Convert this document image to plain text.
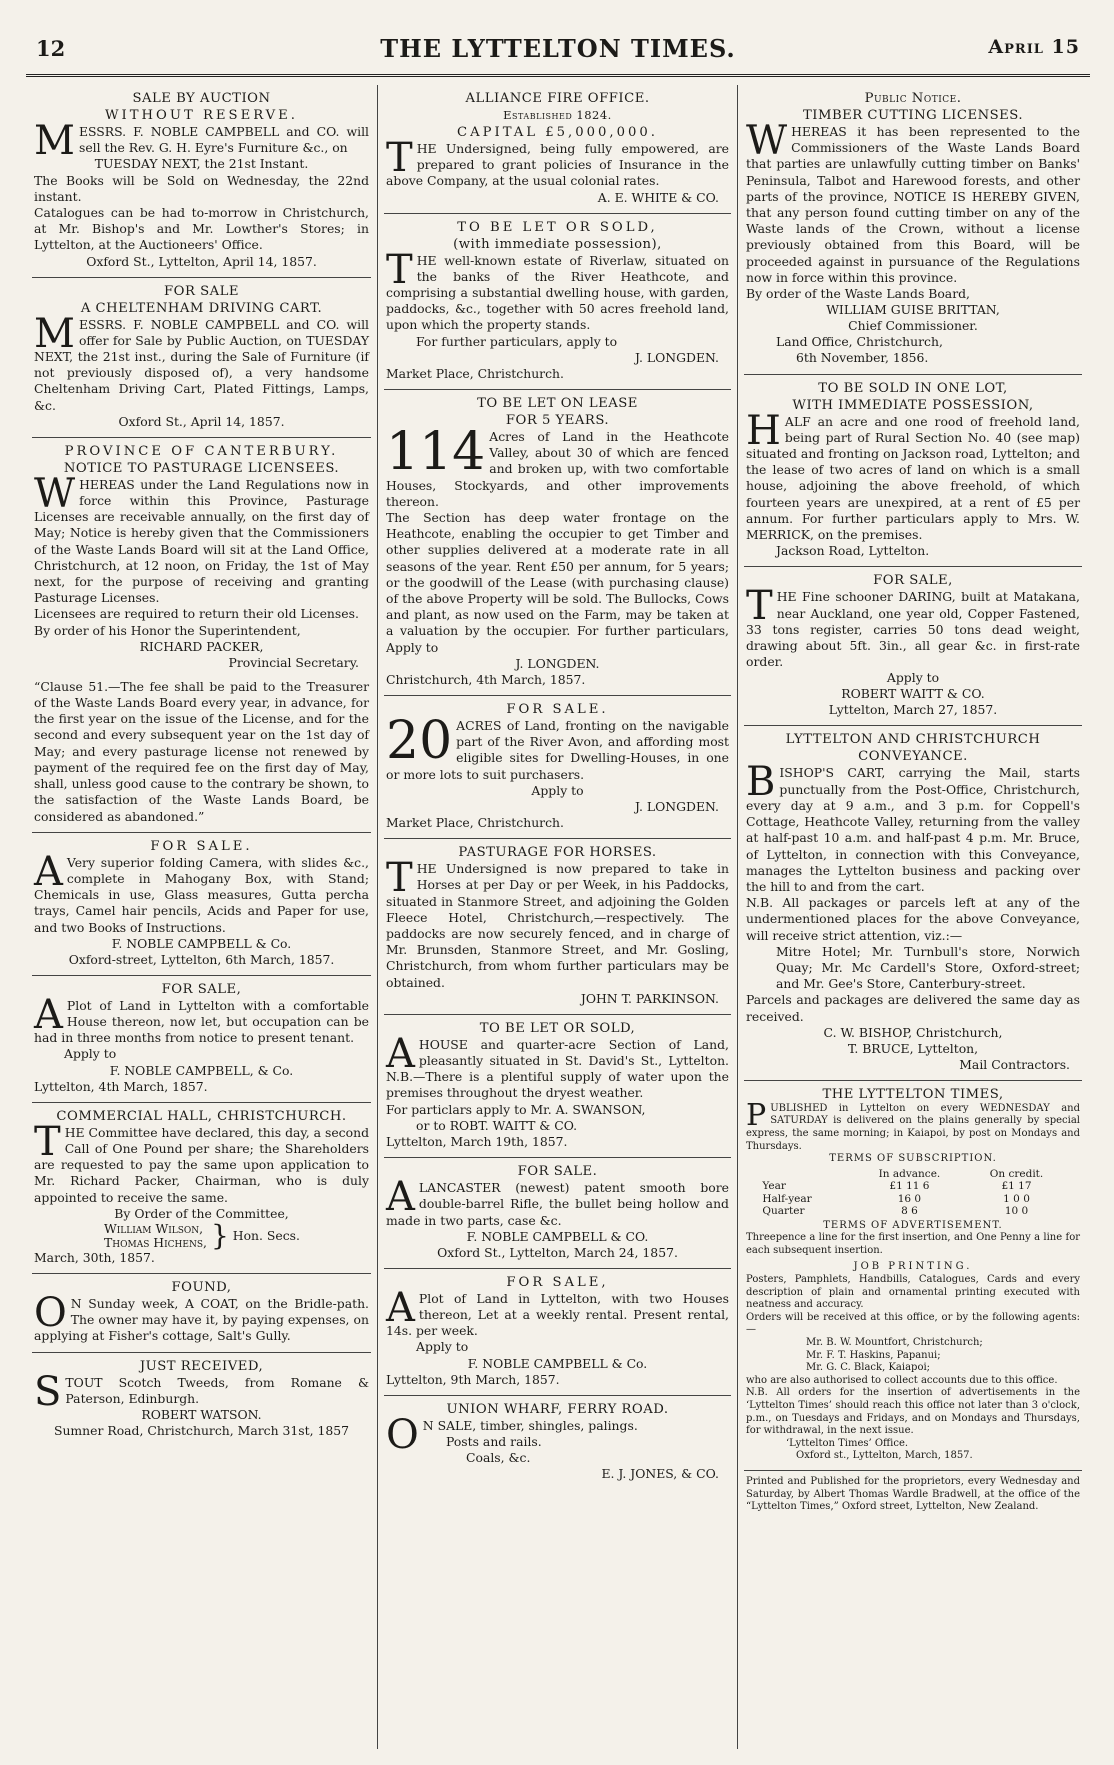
12	THE LYTTELTON TIMES.	April 15
SALE BY AUCTION
WITHOUT RESERVE.
MESSRS. F. NOBLE CAMPBELL and CO. will sell the Rev. G. H. Eyre's Furniture &c., on
TUESDAY NEXT, the 21st Instant.
The Books will be Sold on Wednesday, the 22nd instant.
Catalogues can be had to-morrow in Christchurch, at Mr. Bishop's and Mr. Lowther's Stores; in Lyttelton, at the Auctioneers' Office.
Oxford St., Lyttelton, April 14, 1857.
FOR SALE
A CHELTENHAM DRIVING CART.
MESSRS. F. NOBLE CAMPBELL and CO. will offer for Sale by Public Auction, on TUESDAY NEXT, the 21st inst., during the Sale of Furniture (if not previously disposed of), a very handsome Cheltenham Driving Cart, Plated Fittings, Lamps, &c.
Oxford St., April 14, 1857.
PROVINCE OF CANTERBURY.
NOTICE TO PASTURAGE LICENSEES.
WHEREAS under the Land Regulations now in force within this Province, Pasturage Licenses are receivable annually, on the first day of May; Notice is hereby given that the Commissioners of the Waste Lands Board will sit at the Land Office, Christchurch, at 12 noon, on Friday, the 1st of May next, for the purpose of receiving and granting Pasturage Licenses.
Licensees are required to return their old Licenses.
By order of his Honor the Superintendent,
RICHARD PACKER,
Provincial Secretary.
“Clause 51.—The fee shall be paid to the Treasurer of the Waste Lands Board every year, in advance, for the first year on the issue of the License, and for the second and every subsequent year on the 1st day of May; and every pasturage license not renewed by payment of the required fee on the first day of May, shall, unless good cause to the contrary be shown, to the satisfaction of the Waste Lands Board, be considered as abandoned.”
FOR SALE.
A Very superior folding Camera, with slides &c., complete in Mahogany Box, with Stand; Chemicals in use, Glass measures, Gutta percha trays, Camel hair pencils, Acids and Paper for use, and two Books of Instructions.
F. NOBLE CAMPBELL & Co.
Oxford-street, Lyttelton, 6th March, 1857.
FOR SALE,
A Plot of Land in Lyttelton with a comfortable House thereon, now let, but occupation can be had in three months from notice to present tenant.
Apply to
F. NOBLE CAMPBELL, & Co.
Lyttelton, 4th March, 1857.
COMMERCIAL HALL, CHRISTCHURCH.
THE Committee have declared, this day, a second Call of One Pound per share; the Shareholders are requested to pay the same upon application to Mr. Richard Packer, Chairman, who is duly appointed to receive the same.
By Order of the Committee,
William Wilson,
Thomas Hichens, } Hon. Secs.
March, 30th, 1857.
FOUND,
O N Sunday week, A COAT, on the Bridle-path. The owner may have it, by paying expenses, on applying at Fisher's cottage, Salt's Gully.
JUST RECEIVED,
STOUT Scotch Tweeds, from Romane & Paterson, Edinburgh.
ROBERT WATSON.
Sumner Road, Christchurch, March 31st, 1857
ALLIANCE FIRE OFFICE.
Established 1824.
CAPITAL £5,000,000.
THE Undersigned, being fully empowered, are prepared to grant policies of Insurance in the above Company, at the usual colonial rates.
A. E. WHITE & CO.
TO BE LET OR SOLD,
(with immediate possession),
THE well-known estate of Riverlaw, situated on the banks of the River Heathcote, and comprising a substantial dwelling house, with garden, paddocks, &c., together with 50 acres freehold land, upon which the property stands.
For further particulars, apply to
J. LONGDEN.
Market Place, Christchurch.
TO BE LET ON LEASE
FOR 5 YEARS.
114 Acres of Land in the Heathcote Valley, about 30 of which are fenced and broken up, with two comfortable Houses, Stockyards, and other improvements thereon.
The Section has deep water frontage on the Heathcote, enabling the occupier to get Timber and other supplies delivered at a moderate rate in all seasons of the year. Rent £50 per annum, for 5 years; or the goodwill of the Lease (with purchasing clause) of the above Property will be sold. The Bullocks, Cows and plant, as now used on the Farm, may be taken at a valuation by the occupier. For further particulars, Apply to
J. LONGDEN.
Christchurch, 4th March, 1857.
FOR SALE.
20 ACRES of Land, fronting on the navigable part of the River Avon, and affording most eligible sites for Dwelling-Houses, in one or more lots to suit purchasers.
Apply to
J. LONGDEN.
Market Place, Christchurch.
PASTURAGE FOR HORSES.
THE Undersigned is now prepared to take in Horses at per Day or per Week, in his Paddocks, situated in Stanmore Street, and adjoining the Golden Fleece Hotel, Christchurch,—respectively. The paddocks are now securely fenced, and in charge of Mr. Brunsden, Stanmore Street, and Mr. Gosling, Christchurch, from whom further particulars may be obtained.
JOHN T. PARKINSON.
TO BE LET OR SOLD,
AHOUSE and quarter-acre Section of Land, pleasantly situated in St. David's St., Lyttelton. N.B.—There is a plentiful supply of water upon the premises throughout the dryest weather.
For particlars apply to Mr. A. SWANSON,
or to ROBT. WAITT & CO.
Lyttelton, March 19th, 1857.
FOR SALE.
ALANCASTER (newest) patent smooth bore double-barrel Rifle, the bullet being hollow and made in two parts, case &c.
F. NOBLE CAMPBELL & CO.
Oxford St., Lyttelton, March 24, 1857.
FOR SALE,
A Plot of Land in Lyttelton, with two Houses thereon, Let at a weekly rental. Present rental, 14s. per week.
Apply to
F. NOBLE CAMPBELL & Co.
Lyttelton, 9th March, 1857.
UNION WHARF, FERRY ROAD.
O N SALE, timber, shingles, palings.
Posts and rails.
Coals, &c.
E. J. JONES, & CO.
Public Notice.
TIMBER CUTTING LICENSES.
WHEREAS it has been represented to the Commissioners of the Waste Lands Board that parties are unlawfully cutting timber on Banks' Peninsula, Talbot and Harewood forests, and other parts of the province, NOTICE IS HEREBY GIVEN, that any person found cutting timber on any of the Waste lands of the Crown, without a license previously obtained from this Board, will be proceeded against in pursuance of the Regulations now in force within this province.
By order of the Waste Lands Board,
WILLIAM GUISE BRITTAN,
Chief Commissioner.
Land Office, Christchurch,
6th November, 1856.
TO BE SOLD IN ONE LOT,
WITH IMMEDIATE POSSESSION,
HALF an acre and one rood of freehold land, being part of Rural Section No. 40 (see map) situated and fronting on Jackson road, Lyttelton; and the lease of two acres of land on which is a small house, adjoining the above freehold, of which fourteen years are unexpired, at a rent of £5 per annum. For further particulars apply to Mrs. W. MERRICK, on the premises.
Jackson Road, Lyttelton.
FOR SALE,
THE Fine schooner DARING, built at Matakana, near Auckland, one year old, Copper Fastened, 33 tons register, carries 50 tons dead weight, drawing about 5ft. 3in., all gear &c. in first-rate order.
Apply to
ROBERT WAITT & CO.
Lyttelton, March 27, 1857.
LYTTELTON AND CHRISTCHURCH
CONVEYANCE.
BISHOP'S CART, carrying the Mail, starts punctually from the Post-Office, Christchurch, every day at 9 a.m., and 3 p.m. for Coppell's Cottage, Heathcote Valley, returning from the valley at half-past 10 a.m. and half-past 4 p.m. Mr. Bruce, of Lyttelton, in connection with this Conveyance, manages the Lyttelton business and packing over the hill to and from the cart.
N.B. All packages or parcels left at any of the undermentioned places for the above Conveyance, will receive strict attention, viz.:—
Mitre Hotel; Mr. Turnbull's store, Norwich Quay; Mr. Mc Cardell's Store, Oxford-street; and Mr. Gee's Store, Canterbury-street.
Parcels and packages are delivered the same day as received.
C. W. BISHOP, Christchurch,
T. BRUCE, Lyttelton,
Mail Contractors.
THE LYTTELTON TIMES,
PUBLISHED in Lyttelton on every WEDNESDAY and SATURDAY is delivered on the plains generally by special express, the same morning; in Kaiapoi, by post on Mondays and Thursdays.
TERMS OF SUBSCRIPTION.
	In advance.	On credit.
Year	£1 11 6	£1 17
Half-year	16 0	1 0 0
Quarter	8 6	10 0
TERMS OF ADVERTISEMENT.
Threepence a line for the first insertion, and One Penny a line for each subsequent insertion.
JOB PRINTING.
Posters, Pamphlets, Handbills, Catalogues, Cards and every description of plain and ornamental printing executed with neatness and accuracy.
Orders will be received at this office, or by the following agents:—
Mr. B. W. Mountfort, Christchurch;
Mr. F. T. Haskins, Papanui;
Mr. G. C. Black, Kaiapoi;
who are also authorised to collect accounts due to this office.
N.B. All orders for the insertion of advertisements in the ‘Lyttelton Times’ should reach this office not later than 3 o'clock, p.m., on Tuesdays and Fridays, and on Mondays and Thursdays, for withdrawal, in the next issue.
‘Lyttelton Times’ Office.
Oxford st., Lyttelton, March, 1857.
Printed and Published for the proprietors, every Wednesday and Saturday, by Albert Thomas Wardle Bradwell, at the office of the “Lyttelton Times,” Oxford street, Lyttelton, New Zealand.
